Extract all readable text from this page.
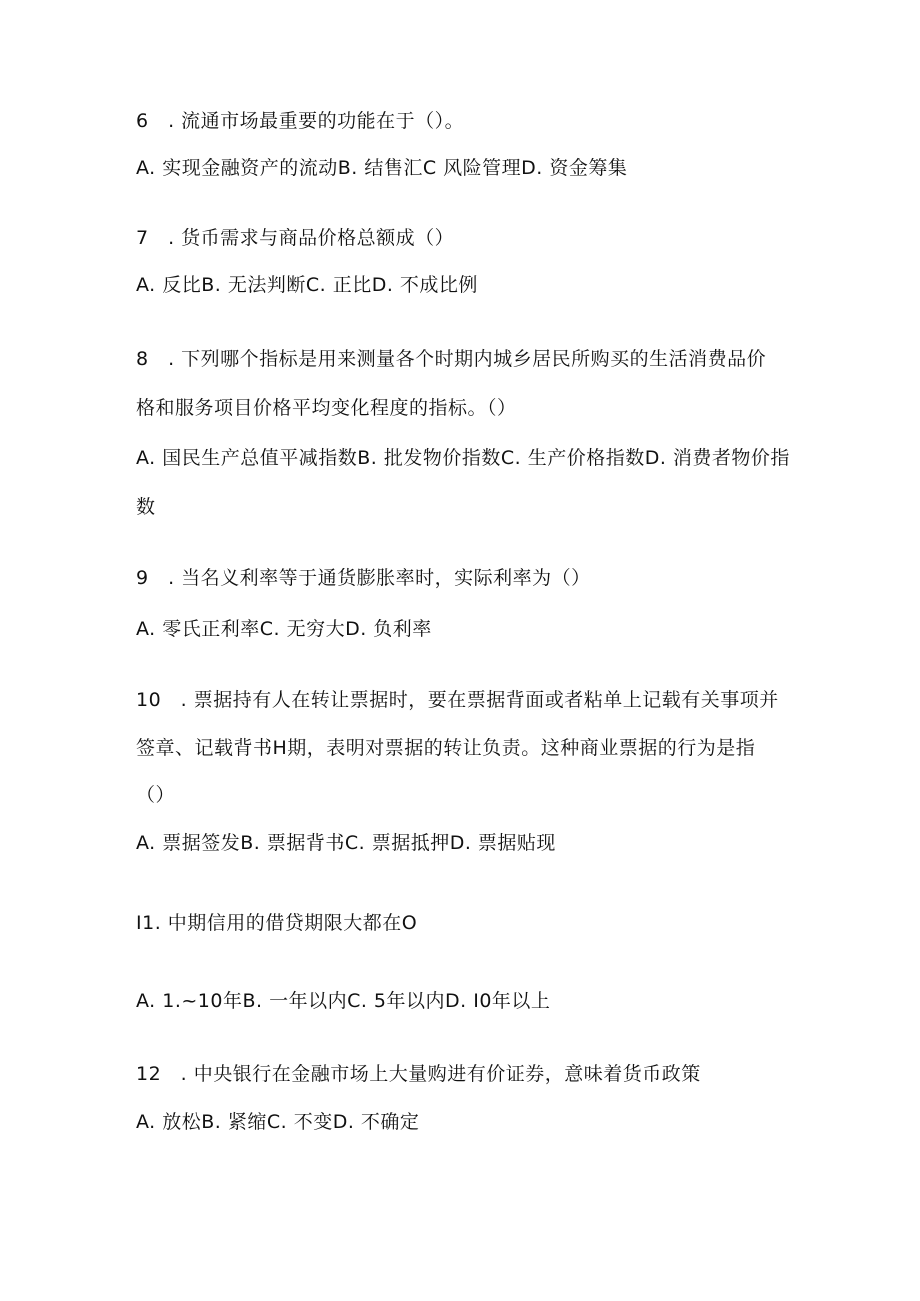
6　. 流通市场最重要的功能在于（）。
A. 实现金融资产的流动B. 结售汇C 风险管理D. 资金筹集
7　. 货币需求与商品价格总额成（）
A. 反比B. 无法判断C. 正比D. 不成比例
8　. 下列哪个指标是用来测量各个时期内城乡居民所购买的生活消费品价
格和服务项目价格平均变化程度的指标。（）
A. 国民生产总值平减指数B. 批发物价指数C. 生产价格指数D. 消费者物价指
数
9　. 当名义利率等于通货膨胀率时，实际利率为（）
A. 零氏正利率C. 无穷大D. 负利率
10　. 票据持有人在转让票据时，要在票据背面或者粘单上记载有关事项并
签章、记载背书H期，表明对票据的转让负责。这种商业票据的行为是指
（）
A. 票据签发B. 票据背书C. 票据抵押D. 票据贴现
I1. 中期信用的借贷期限大都在O
A. 1.~10年B. 一年以内C. 5年以内D. I0年以上
12　. 中央银行在金融市场上大量购进有价证券，意味着货币政策
A. 放松B. 紧缩C. 不变D. 不确定
